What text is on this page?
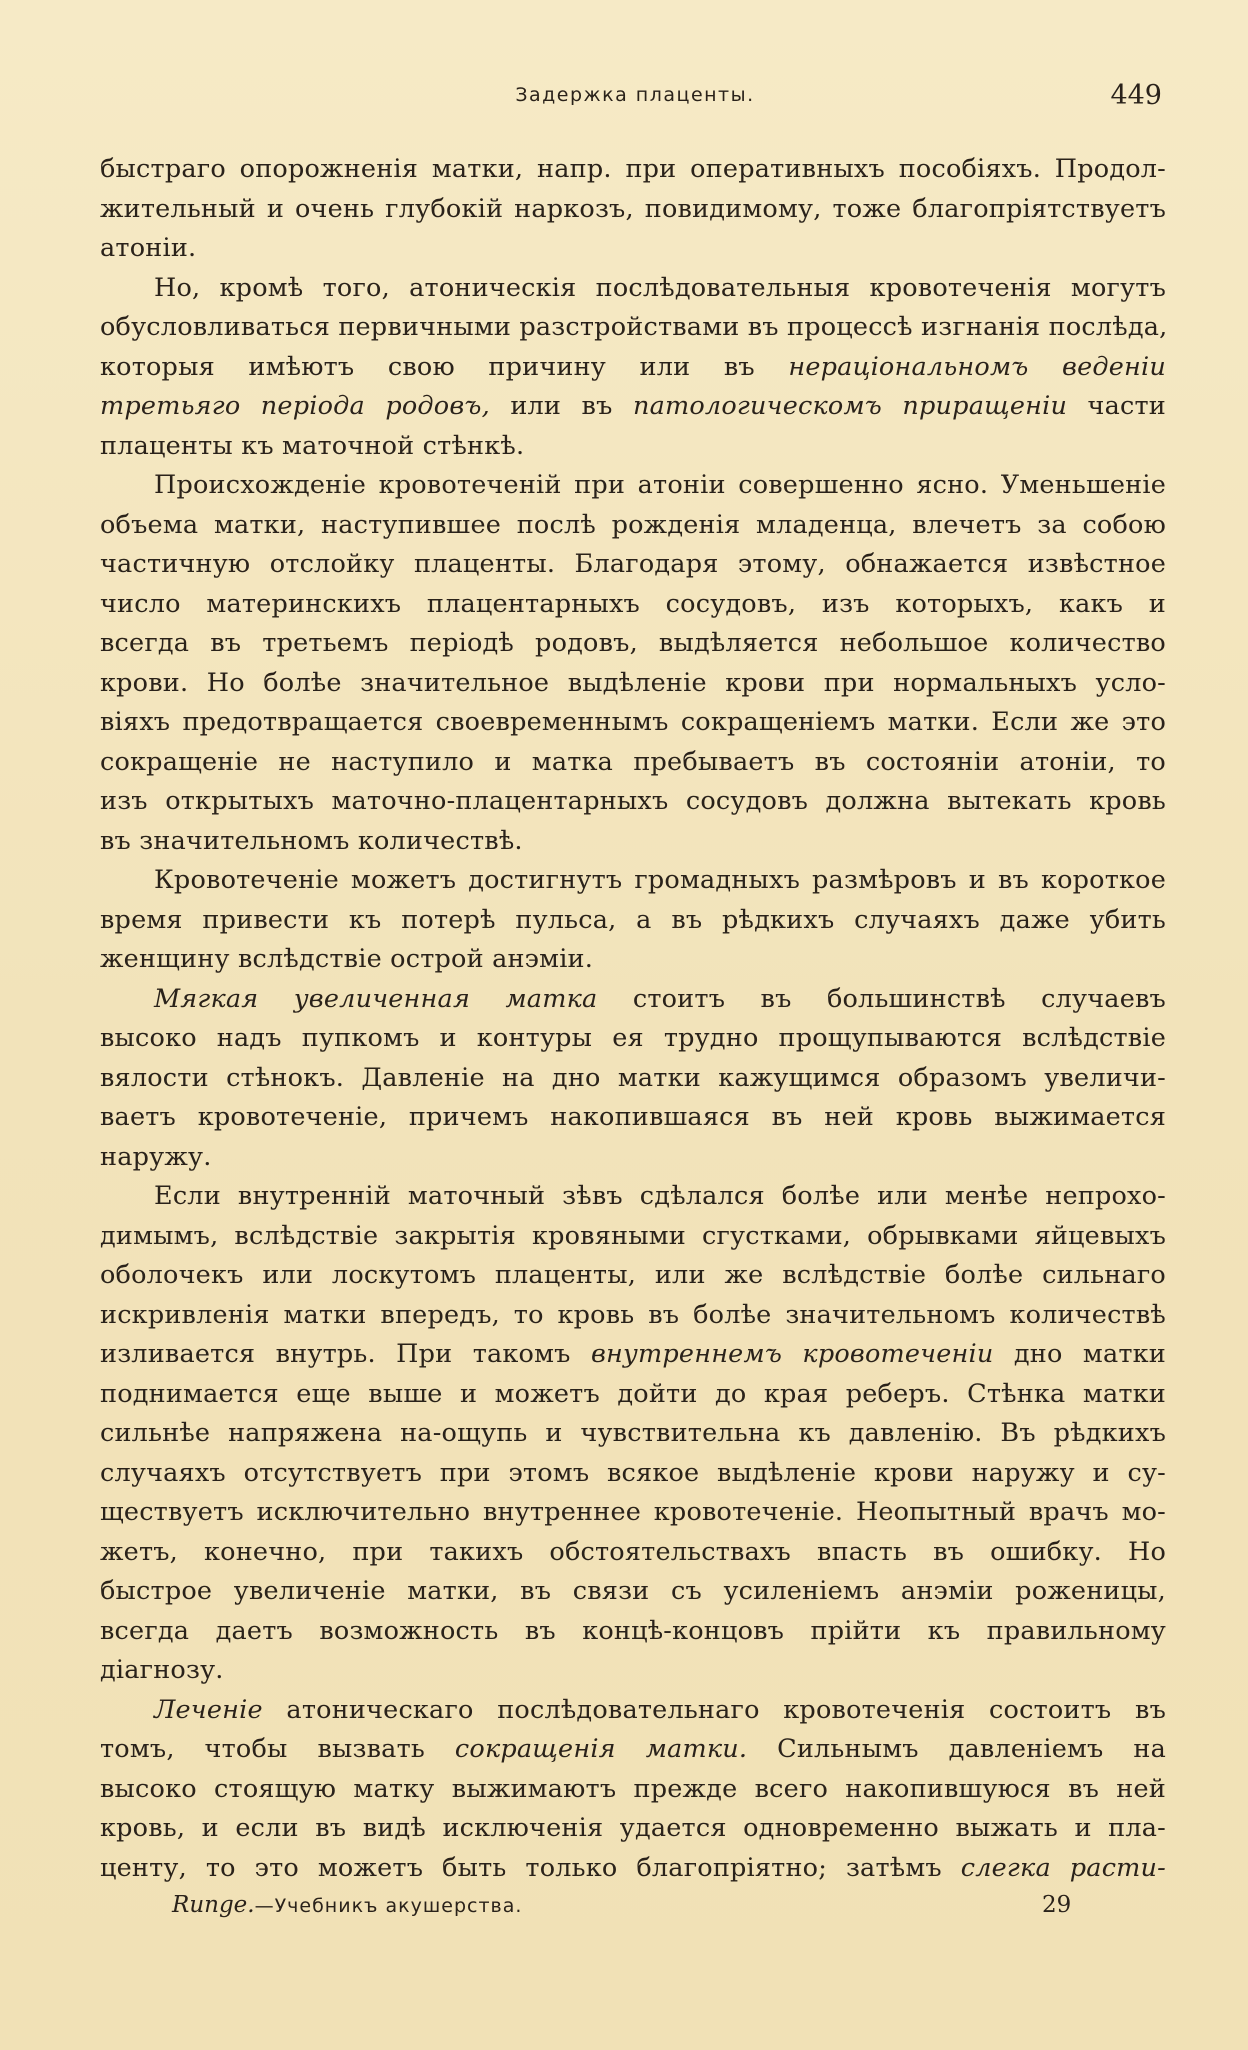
Задержка плаценты.	449
быстраго опорожненія матки, напр. при оперативныхъ пособіяхъ. Продол-
жительный и очень глубокій наркозъ, повидимому, тоже благопріятствуетъ
атоніи.
Но, кромѣ того, атоническія послѣдовательныя кровотеченія могутъ
обусловливаться первичными разстройствами въ процессѣ изгнанія послѣда,
которыя имѣютъ свою причину или въ нераціональномъ веденіи
третьяго періода родовъ, или въ патологическомъ приращеніи части
плаценты къ маточной стѣнкѣ.
Происхожденіе кровотеченій при атоніи совершенно ясно. Уменьшеніе
объема матки, наступившее послѣ рожденія младенца, влечетъ за собою
частичную отслойку плаценты. Благодаря этому, обнажается извѣстное
число материнскихъ плацентарныхъ сосудовъ, изъ которыхъ, какъ и
всегда въ третьемъ періодѣ родовъ, выдѣляется небольшое количество
крови. Но болѣе значительное выдѣленіе крови при нормальныхъ усло-
віяхъ предотвращается своевременнымъ сокращеніемъ матки. Если же это
сокращеніе не наступило и матка пребываетъ въ состояніи атоніи, то
изъ открытыхъ маточно-плацентарныхъ сосудовъ должна вытекать кровь
въ значительномъ количествѣ.
Кровотеченіе можетъ достигнутъ громадныхъ размѣровъ и въ короткое
время привести къ потерѣ пульса, а въ рѣдкихъ случаяхъ даже убить
женщину вслѣдствіе острой анэміи.
Мягкая увеличенная матка стоитъ въ большинствѣ случаевъ
высоко надъ пупкомъ и контуры ея трудно прощупываются вслѣдствіе
вялости стѣнокъ. Давленіе на дно матки кажущимся образомъ увеличи-
ваетъ кровотеченіе, причемъ накопившаяся въ ней кровь выжимается
наружу.
Если внутренній маточный зѣвъ сдѣлался болѣе или менѣе непрохо-
димымъ, вслѣдствіе закрытія кровяными сгустками, обрывками яйцевыхъ
оболочекъ или лоскутомъ плаценты, или же вслѣдствіе болѣе сильнаго
искривленія матки впередъ, то кровь въ болѣе значительномъ количествѣ
изливается внутрь. При такомъ внутреннемъ кровотеченіи дно матки
поднимается еще выше и можетъ дойти до края реберъ. Стѣнка матки
сильнѣе напряжена на-ощупь и чувствительна къ давленію. Въ рѣдкихъ
случаяхъ отсутствуетъ при этомъ всякое выдѣленіе крови наружу и су-
ществуетъ исключительно внутреннее кровотеченіе. Неопытный врачъ мо-
жетъ, конечно, при такихъ обстоятельствахъ впасть въ ошибку. Но
быстрое увеличеніе матки, въ связи съ усиленіемъ анэміи роженицы,
всегда даетъ возможность въ концѣ-концовъ прійти къ правильному
діагнозу.
Леченіе атоническаго послѣдовательнаго кровотеченія состоитъ въ
томъ, чтобы вызвать сокращенія матки. Сильнымъ давленіемъ на
высоко стоящую матку выжимаютъ прежде всего накопившуюся въ ней
кровь, и если въ видѣ исключенія удается одновременно выжать и пла-
центу, то это можетъ быть только благопріятно; затѣмъ слегка расти-
Runge.—Учебникъ акушерства.	29
